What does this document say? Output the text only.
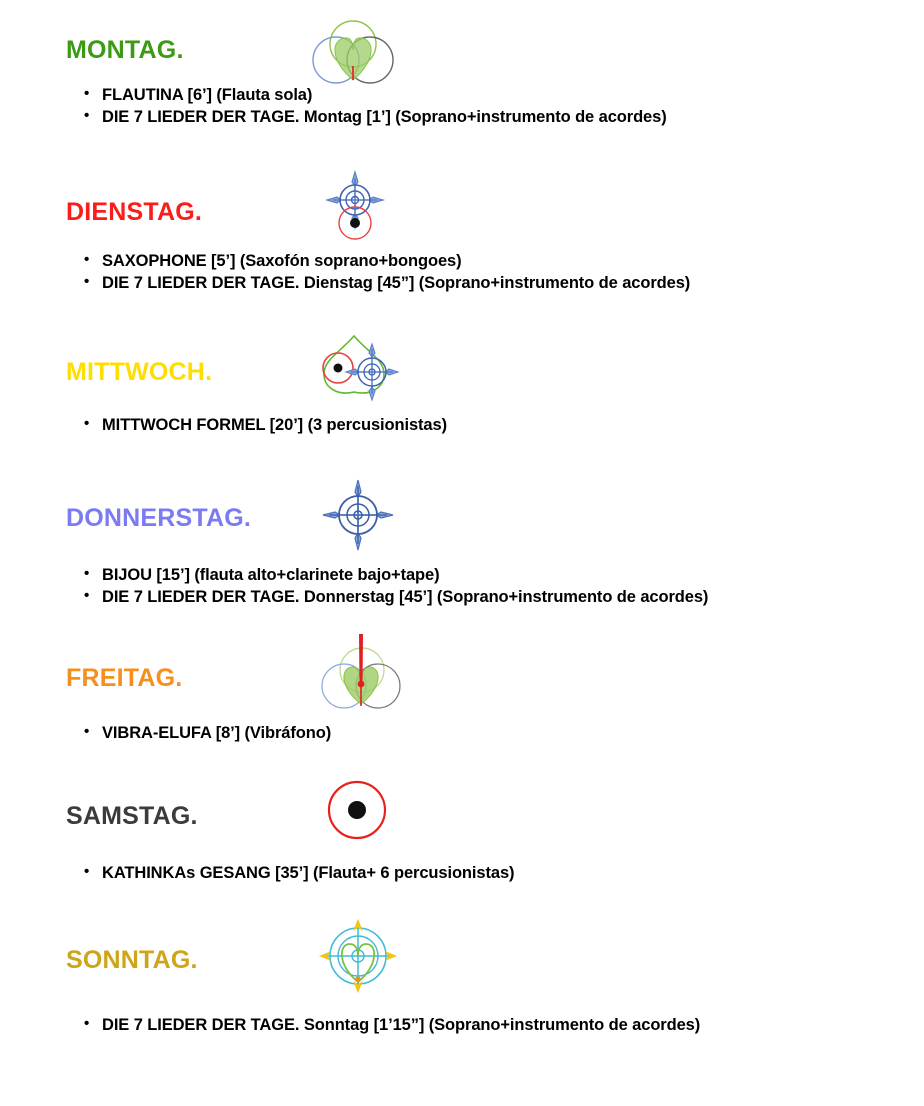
MONTAG.
• FLAUTINA [6’] (Flauta sola)
• DIE 7 LIEDER DER TAGE. Montag [1’] (Soprano+instrumento de acordes)
DIENSTAG.
• SAXOPHONE [5’] (Saxofón soprano+bongoes)
• DIE 7 LIEDER DER TAGE. Dienstag [45”] (Soprano+instrumento de acordes)
MITTWOCH.
• MITTWOCH FORMEL [20’] (3 percusionistas)
DONNERSTAG.
• BIJOU [15’] (flauta alto+clarinete bajo+tape)
• DIE 7 LIEDER DER TAGE. Donnerstag [45’] (Soprano+instrumento de acordes)
FREITAG.
• VIBRA-ELUFA [8’] (Vibráfono)
SAMSTAG.
• KATHINKAs GESANG [35’] (Flauta+ 6 percusionistas)
SONNTAG.
• DIE 7 LIEDER DER TAGE. Sonntag [1’15”] (Soprano+instrumento de acordes)
